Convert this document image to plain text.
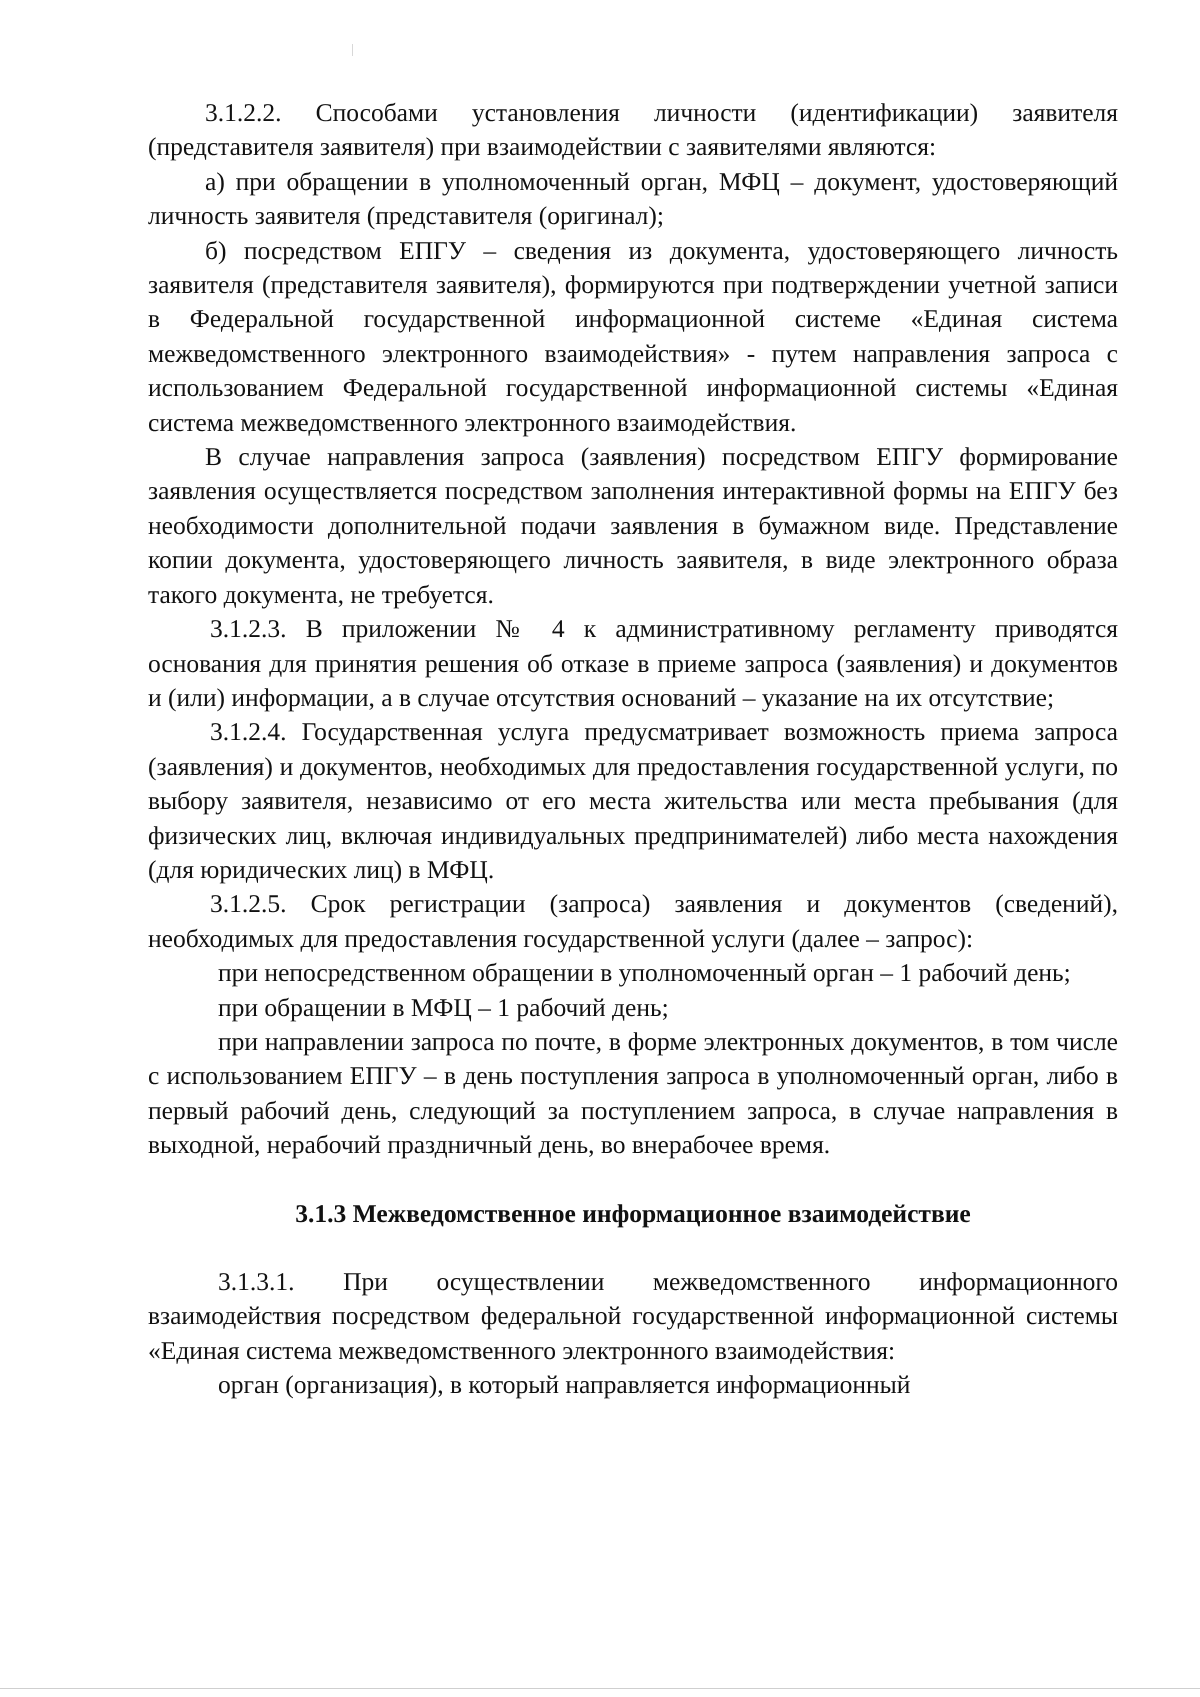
3.1.2.2. Способами установления личности (идентификации) заявителя (представителя заявителя) при взаимодействии с заявителями являются:

а) при обращении в уполномоченный орган, МФЦ – документ, удостоверяющий личность заявителя (представителя (оригинал);

б) посредством ЕПГУ – сведения из документа, удостоверяющего личность заявителя (представителя заявителя), формируются при подтверждении учетной записи в Федеральной государственной информационной системе «Единая система межведомственного электронного взаимодействия» - путем направления запроса с использованием Федеральной государственной информационной системы «Единая система межведомственного электронного взаимодействия.

В случае направления запроса (заявления) посредством ЕПГУ формирование заявления осуществляется посредством заполнения интерактивной формы на ЕПГУ без необходимости дополнительной подачи заявления в бумажном виде. Представление копии документа, удостоверяющего личность заявителя, в виде электронного образа такого документа, не требуется.

3.1.2.3. В приложении № 4 к административному регламенту приводятся основания для принятия решения об отказе в приеме запроса (заявления) и документов и (или) информации, а в случае отсутствия оснований – указание на их отсутствие;

3.1.2.4. Государственная услуга предусматривает возможность приема запроса (заявления) и документов, необходимых для предоставления государственной услуги, по выбору заявителя, независимо от его места жительства или места пребывания (для физических лиц, включая индивидуальных предпринимателей) либо места нахождения (для юридических лиц) в МФЦ.

3.1.2.5. Срок регистрации (запроса) заявления и документов (сведений), необходимых для предоставления государственной услуги (далее – запрос):

при непосредственном обращении в уполномоченный орган – 1 рабочий день;

при обращении в МФЦ – 1 рабочий день;

при направлении запроса по почте, в форме электронных документов, в том числе с использованием ЕПГУ – в день поступления запроса в уполномоченный орган, либо в первый рабочий день, следующий за поступлением запроса, в случае направления в выходной, нерабочий праздничный день, во внерабочее время.

3.1.3 Межведомственное информационное взаимодействие

3.1.3.1. При осуществлении межведомственного информационного взаимодействия посредством федеральной государственной информационной системы «Единая система межведомственного электронного взаимодействия:

орган (организация), в который направляется информационный
